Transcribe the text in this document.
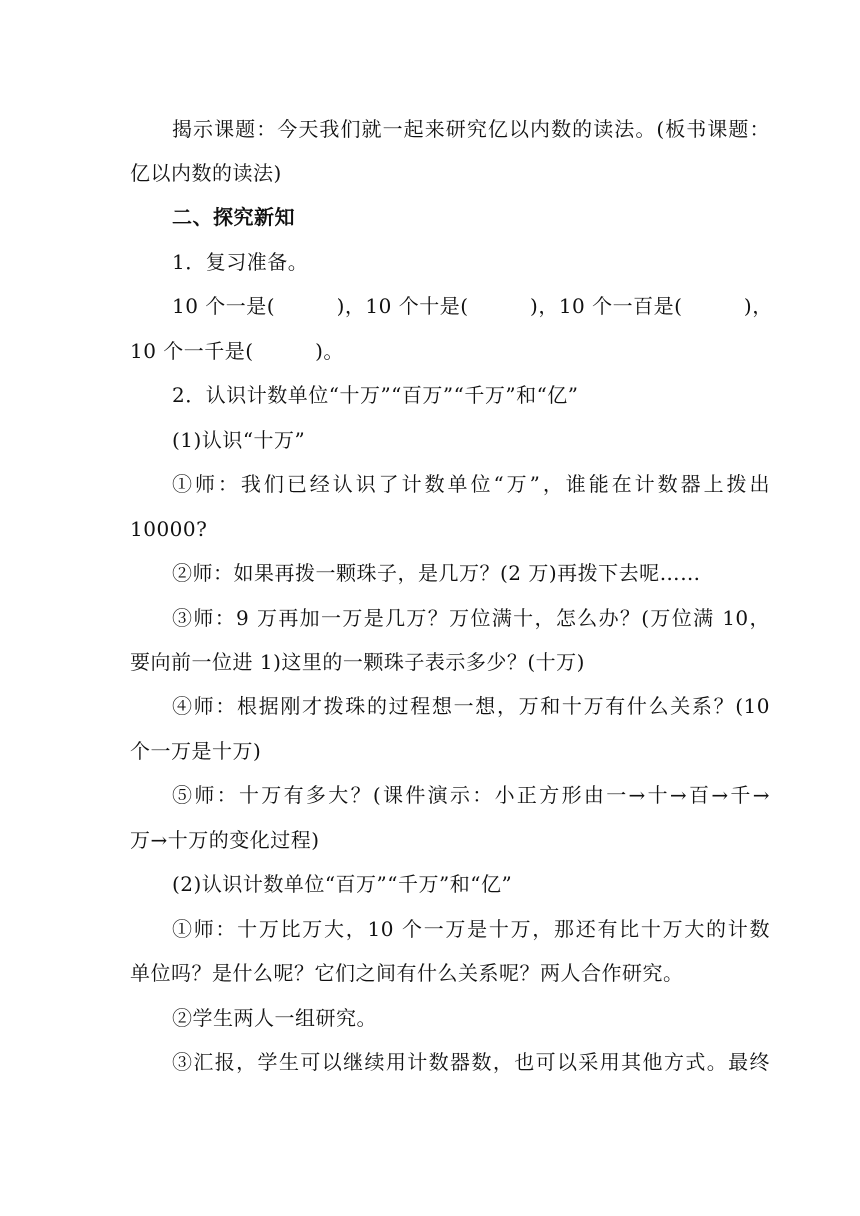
揭示课题：今天我们就一起来研究亿以内数的读法。(板书课题：
亿以内数的读法)
二、探究新知
1．复习准备。
10 个一是(　　　)，10 个十是(　　　)，10 个一百是(　　　)，
10 个一千是(　　　)。
2．认识计数单位“十万”“百万”“千万”和“亿”
(1)认识“十万”
①师：我们已经认识了计数单位“万”，谁能在计数器上拨出
10000?
②师：如果再拨一颗珠子，是几万？(2 万)再拨下去呢……
③师：9 万再加一万是几万？万位满十，怎么办？(万位满 10，
要向前一位进 1)这里的一颗珠子表示多少？(十万)
④师：根据刚才拨珠的过程想一想，万和十万有什么关系？(10
个一万是十万)
⑤师：十万有多大？(课件演示：小正方形由一→十→百→千→
万→十万的变化过程)
(2)认识计数单位“百万”“千万”和“亿”
①师：十万比万大，10 个一万是十万，那还有比十万大的计数
单位吗？是什么呢？它们之间有什么关系呢？两人合作研究。
②学生两人一组研究。
③汇报，学生可以继续用计数器数，也可以采用其他方式。最终
